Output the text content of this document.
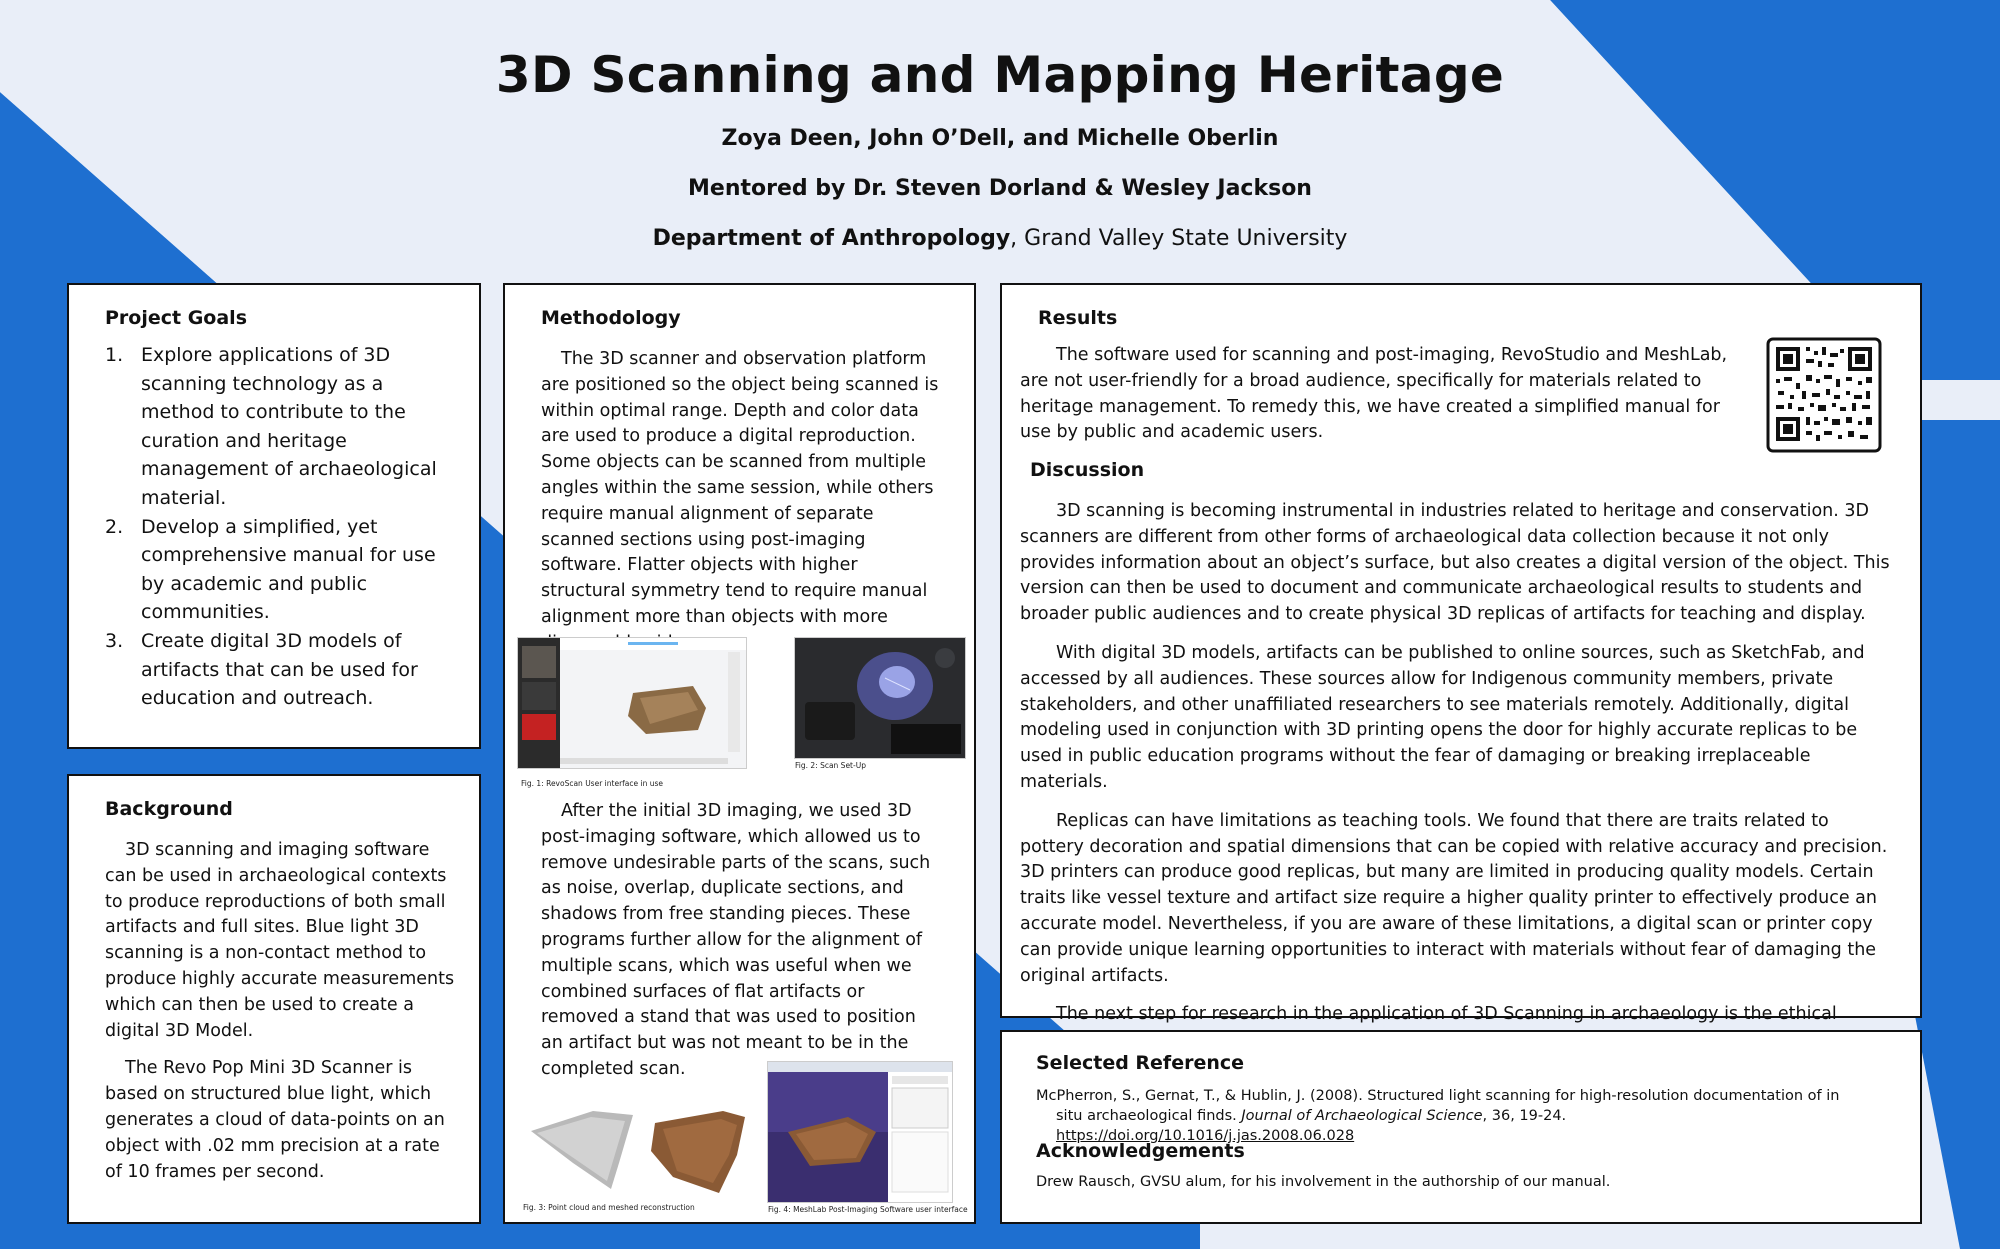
3D Scanning and Mapping Heritage
Zoya Deen, John O’Dell, and Michelle Oberlin
Mentored by Dr. Steven Dorland & Wesley Jackson
Department of Anthropology, Grand Valley State University
Project Goals
1. Explore applications of 3D scanning technology as a method to contribute to the curation and heritage management of archaeological material.
2. Develop a simplified, yet comprehensive manual for use by academic and public communities.
3. Create digital 3D models of artifacts that can be used for education and outreach.
Background

3D scanning and imaging software can be used in archaeological contexts to produce reproductions of both small artifacts and full sites. Blue light 3D scanning is a non-contact method to produce highly accurate measurements which can then be used to create a digital 3D Model.

The Revo Pop Mini 3D Scanner is based on structured blue light, which generates a cloud of data-points on an object with .02 mm precision at a rate of 10 frames per second.

Methodology

The 3D scanner and observation platform are positioned so the object being scanned is within optimal range. Depth and color data are used to produce a digital reproduction. Some objects can be scanned from multiple angles within the same session, while others require manual alignment of separate scanned sections using post-imaging software. Flatter objects with higher structural symmetry tend to require manual alignment more than objects with more

Fig. 1: RevoScan User interface in use
Fig. 2: Scan Set-Up

After the initial 3D imaging, we used 3D post-imaging software, which allowed us to remove undesirable parts of the scans, such as noise, overlap, duplicate sections, and shadows from free standing pieces. These programs further allow for the alignment of multiple scans, which was useful when we combined surfaces of flat artifacts or removed a stand that was used to position an artifact but was not meant to be in the completed scan.

Fig. 3: Point cloud and meshed reconstruction	Fig. 4: MeshLab Post-Imaging Software user interface
Results

The software used for scanning and post-imaging, RevoStudio and MeshLab, are not user-friendly for a broad audience, specifically for materials related to heritage management. To remedy this, we have created a simplified manual for use by public and academic users.

Discussion

3D scanning is becoming instrumental in industries related to heritage and conservation. 3D scanners are different from other forms of archaeological data collection because it not only provides information about an object’s surface, but also creates a digital version of the object. This version can then be used to document and communicate archaeological results to students and broader public audiences and to create physical 3D replicas of artifacts for teaching and display.

With digital 3D models, artifacts can be published to online sources, such as SketchFab, and accessed by all audiences. These sources allow for Indigenous community members, private stakeholders, and other unaffiliated researchers to see materials remotely. Additionally, digital modeling used in conjunction with 3D printing opens the door for highly accurate replicas to be used in public education programs without the fear of damaging or breaking irreplaceable materials.

Replicas can have limitations as teaching tools. We found that there are traits related to pottery decoration and spatial dimensions that can be copied with relative accuracy and precision. 3D printers can produce good replicas, but many are limited in producing quality models. Certain traits like vessel texture and artifact size require a higher quality printer to effectively produce an accurate model. Nevertheless, if you are aware of these limitations, a digital scan or printer copy can provide unique learning opportunities to interact with materials without fear of damaging the original artifacts.

The next step for research in the application of 3D Scanning in archaeology is the ethical

Selected Reference
McPherron, S., Gernat, T., & Hublin, J. (2008). Structured light scanning for high-resolution documentation of in situ archaeological finds. Journal of Archaeological Science, 36, 19-24. https://doi.org/10.1016/j.jas.2008.06.028
Acknowledgements
Drew Rausch, GVSU alum, for his involvement in the authorship of our manual.
